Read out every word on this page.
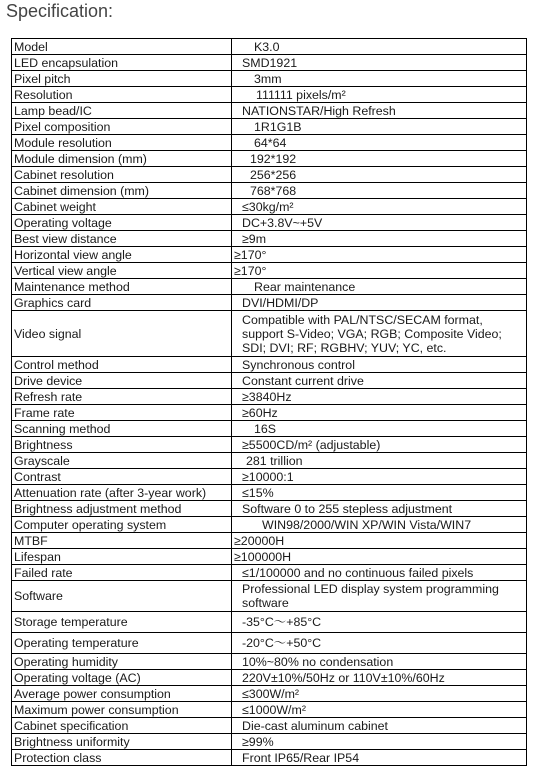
Specification:
Model	K3.0
LED encapsulation	SMD1921
Pixel pitch	3mm
Resolution	111111 pixels/m²
Lamp bead/IC	NATIONSTAR/High Refresh
Pixel composition	1R1G1B
Module resolution	64*64
Module dimension (mm)	192*192
Cabinet resolution	256*256
Cabinet dimension (mm)	768*768
Cabinet weight	≤30kg/m²
Operating voltage	DC+3.8V~+5V
Best view distance	≥9m
Horizontal view angle	≥170°
Vertical view angle	≥170°
Maintenance method	Rear maintenance
Graphics card	DVI/HDMI/DP
Video signal	Compatible with PAL/NTSC/SECAM format, support S-Video; VGA; RGB; Composite Video; SDI; DVI; RF; RGBHV; YUV; YC, etc.
Control method	Synchronous control
Drive device	Constant current drive
Refresh rate	≥3840Hz
Frame rate	≥60Hz
Scanning method	16S
Brightness	≥5500CD/m² (adjustable)
Grayscale	281 trillion
Contrast	≥10000:1
Attenuation rate (after 3-year work)	≤15%
Brightness adjustment method	Software 0 to 255 stepless adjustment
Computer operating system	WIN98/2000/WIN XP/WIN Vista/WIN7
MTBF	≥20000H
Lifespan	≥100000H
Failed rate	≤1/100000 and no continuous failed pixels
Software	Professional LED display system programming software
Storage temperature	-35°C～+85°C
Operating temperature	-20°C～+50°C
Operating humidity	10%~80% no condensation
Operating voltage (AC)	220V±10%/50Hz or 110V±10%/60Hz
Average power consumption	≤300W/m²
Maximum power consumption	≤1000W/m²
Cabinet specification	Die-cast aluminum cabinet
Brightness uniformity	≥99%
Protection class	Front IP65/Rear IP54
